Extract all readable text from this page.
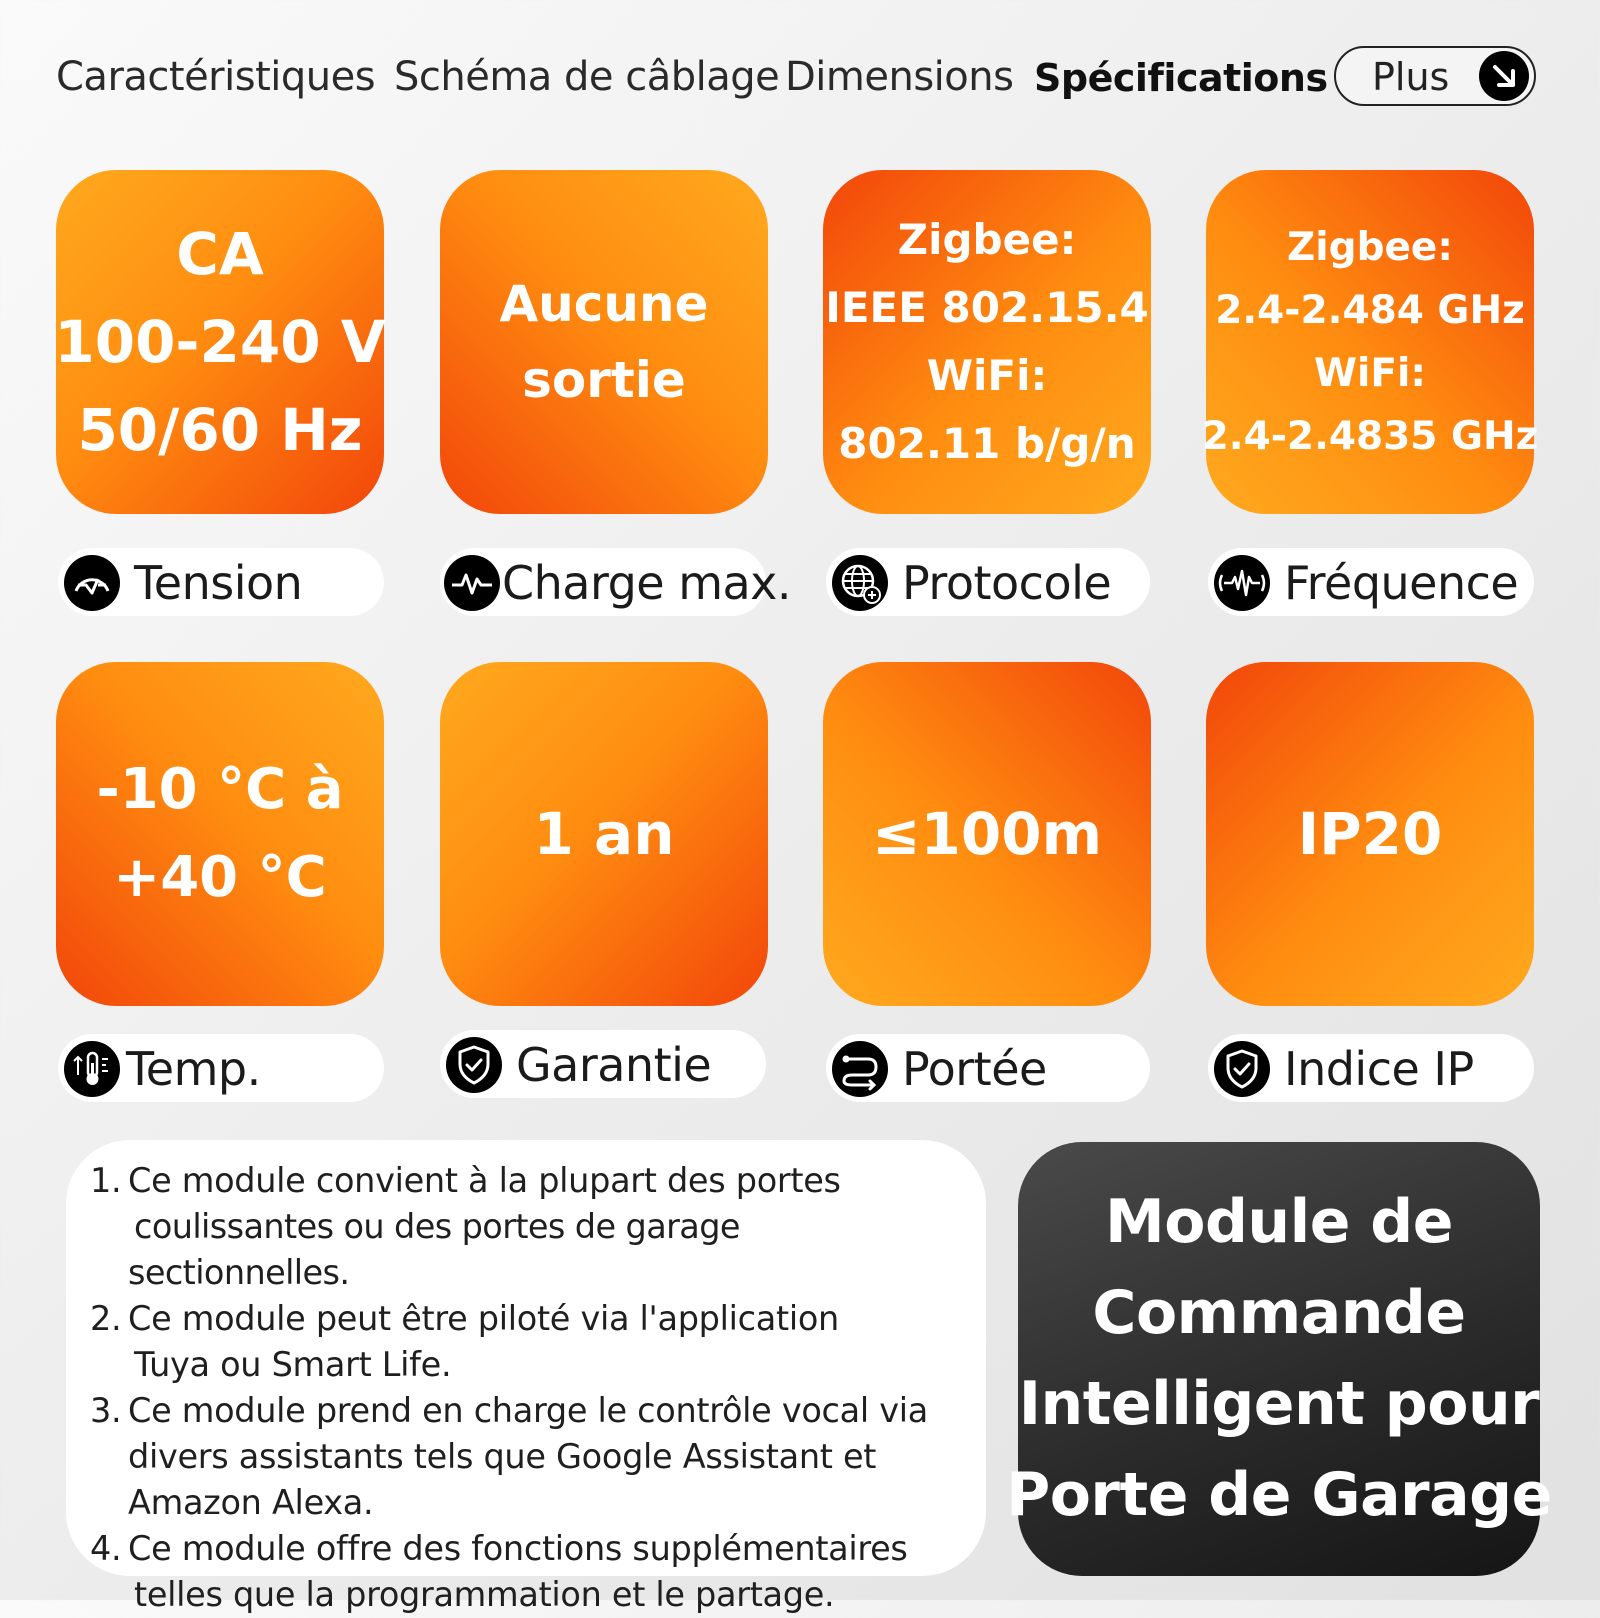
Caractéristiques Schéma de câblage Dimensions Spécifications Plus
CA
100-240 V
50/60 Hz
Aucune
sortie
Zigbee:
IEEE 802.15.4
WiFi:
802.11 b/g/n
Zigbee:
2.4-2.484 GHz
WiFi:
2.4-2.4835 GHz
Tension	Charge max. Protocole	Fréquence
-10 °C à
+40 °C
1 an	≤100m	IP20
Temp.	Garantie	Portée	Indice IP
1. Ce module convient à la plupart des portes
coulissantes ou des portes de garage sectionnelles.
2. Ce module peut être piloté via l'application
Tuya ou Smart Life.
3. Ce module prend en charge le contrôle vocal via
divers assistants tels que Google Assistant et
Amazon Alexa.
4. Ce module offre des fonctions supplémentaires
telles que la programmation et le partage.
Module de
Commande
Intelligent pour
Porte de Garage
